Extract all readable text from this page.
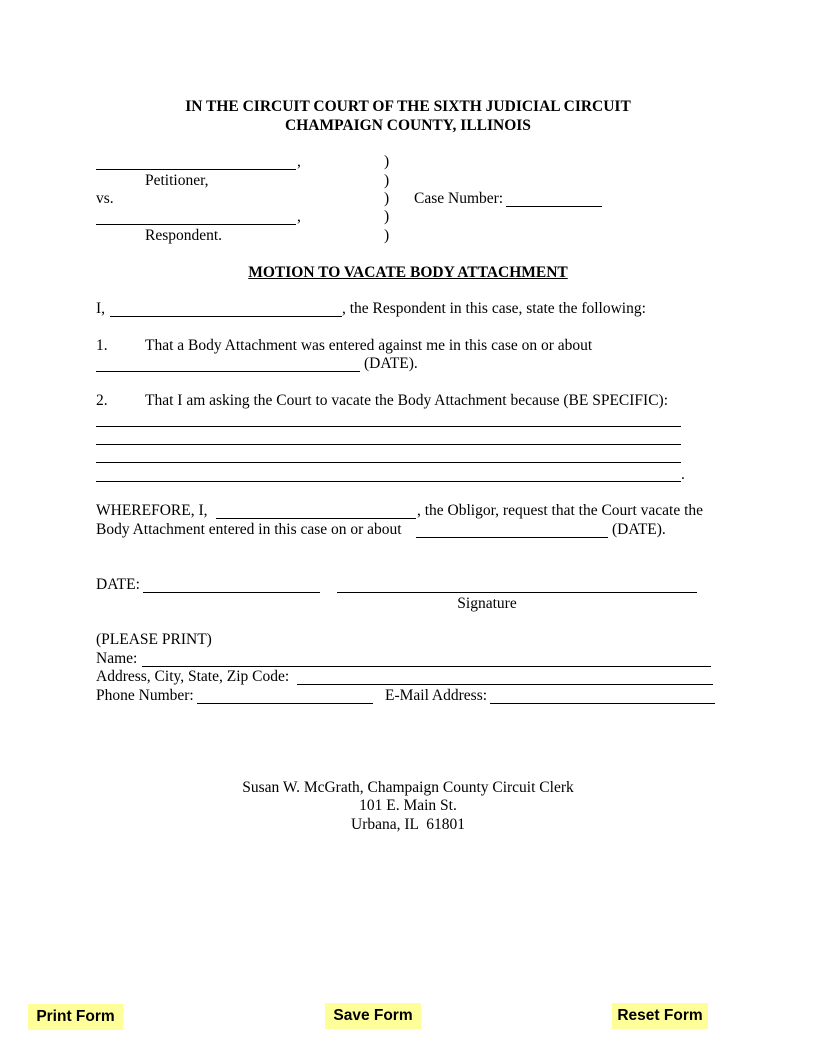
IN THE CIRCUIT COURT OF THE SIXTH JUDICIAL CIRCUIT
CHAMPAIGN COUNTY, ILLINOIS
,
Petitioner,
vs.
,
Respondent.
)
)
)
)
)
Case Number:
MOTION TO VACATE BODY ATTACHMENT
I,	, the Respondent in this case, state the following:
1. That a Body Attachment was entered against me in this case on or about
(DATE).
2. That I am asking the Court to vacate the Body Attachment because (BE SPECIFIC):
.
WHEREFORE, I,	, the Obligor, request that the Court vacate the
Body Attachment entered in this case on or about	(DATE).
DATE:
Signature
(PLEASE PRINT)
Name:
Address, City, State, Zip Code:
Phone Number:	E-Mail Address:
Susan W. McGrath, Champaign County Circuit Clerk
101 E. Main St.
Urbana, IL  61801
Print Form	Save Form	Reset Form
